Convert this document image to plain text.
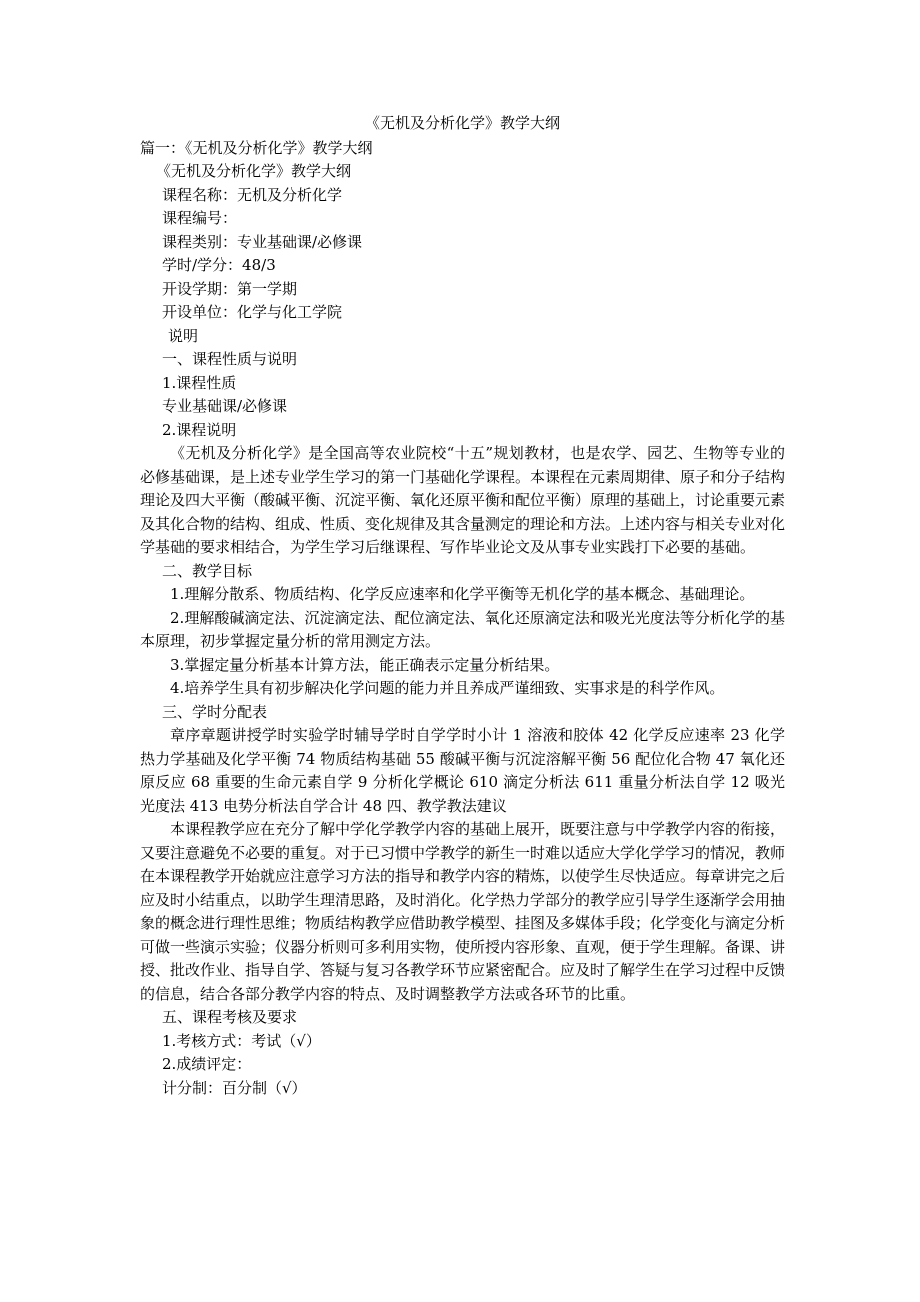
《无机及分析化学》教学大纲
篇一：《无机及分析化学》教学大纲
《无机及分析化学》教学大纲
课程名称：无机及分析化学
课程编号：
课程类别：专业基础课/必修课
学时/学分：48/3
开设学期：第一学期
开设单位：化学与化工学院
说明
一、课程性质与说明
1.课程性质
专业基础课/必修课
2.课程说明

《无机及分析化学》是全国高等农业院校“十五”规划教材，也是农学、园艺、生物等专业的必修基础课，是上述专业学生学习的第一门基础化学课程。本课程在元素周期律、原子和分子结构理论及四大平衡（酸碱平衡、沉淀平衡、氧化还原平衡和配位平衡）原理的基础上，讨论重要元素及其化合物的结构、组成、性质、变化规律及其含量测定的理论和方法。上述内容与相关专业对化学基础的要求相结合，为学生学习后继课程、写作毕业论文及从事专业实践打下必要的基础。

二、教学目标

1.理解分散系、物质结构、化学反应速率和化学平衡等无机化学的基本概念、基础理论。

2.理解酸碱滴定法、沉淀滴定法、配位滴定法、氧化还原滴定法和吸光光度法等分析化学的基本原理，初步掌握定量分析的常用测定方法。

3.掌握定量分析基本计算方法，能正确表示定量分析结果。

4.培养学生具有初步解决化学问题的能力并且养成严谨细致、实事求是的科学作风。

三、学时分配表

章序章题讲授学时实验学时辅导学时自学学时小计 1 溶液和胶体 42 化学反应速率 23 化学热力学基础及化学平衡 74 物质结构基础 55 酸碱平衡与沉淀溶解平衡 56 配位化合物 47 氧化还原反应 68 重要的生命元素自学 9 分析化学概论 610 滴定分析法 611 重量分析法自学 12 吸光光度法 413 电势分析法自学合计 48 四、教学教法建议

本课程教学应在充分了解中学化学教学内容的基础上展开，既要注意与中学教学内容的衔接，又要注意避免不必要的重复。对于已习惯中学教学的新生一时难以适应大学化学学习的情况，教师在本课程教学开始就应注意学习方法的指导和教学内容的精炼，以使学生尽快适应。每章讲完之后应及时小结重点，以助学生理清思路，及时消化。化学热力学部分的教学应引导学生逐渐学会用抽象的概念进行理性思维；物质结构教学应借助教学模型、挂图及多媒体手段；化学变化与滴定分析可做一些演示实验；仪器分析则可多利用实物，使所授内容形象、直观，便于学生理解。备课、讲授、批改作业、指导自学、答疑与复习各教学环节应紧密配合。应及时了解学生在学习过程中反馈的信息，结合各部分教学内容的特点、及时调整教学方法或各环节的比重。

五、课程考核及要求
1.考核方式：考试（√）
2.成绩评定：
计分制：百分制（√）
